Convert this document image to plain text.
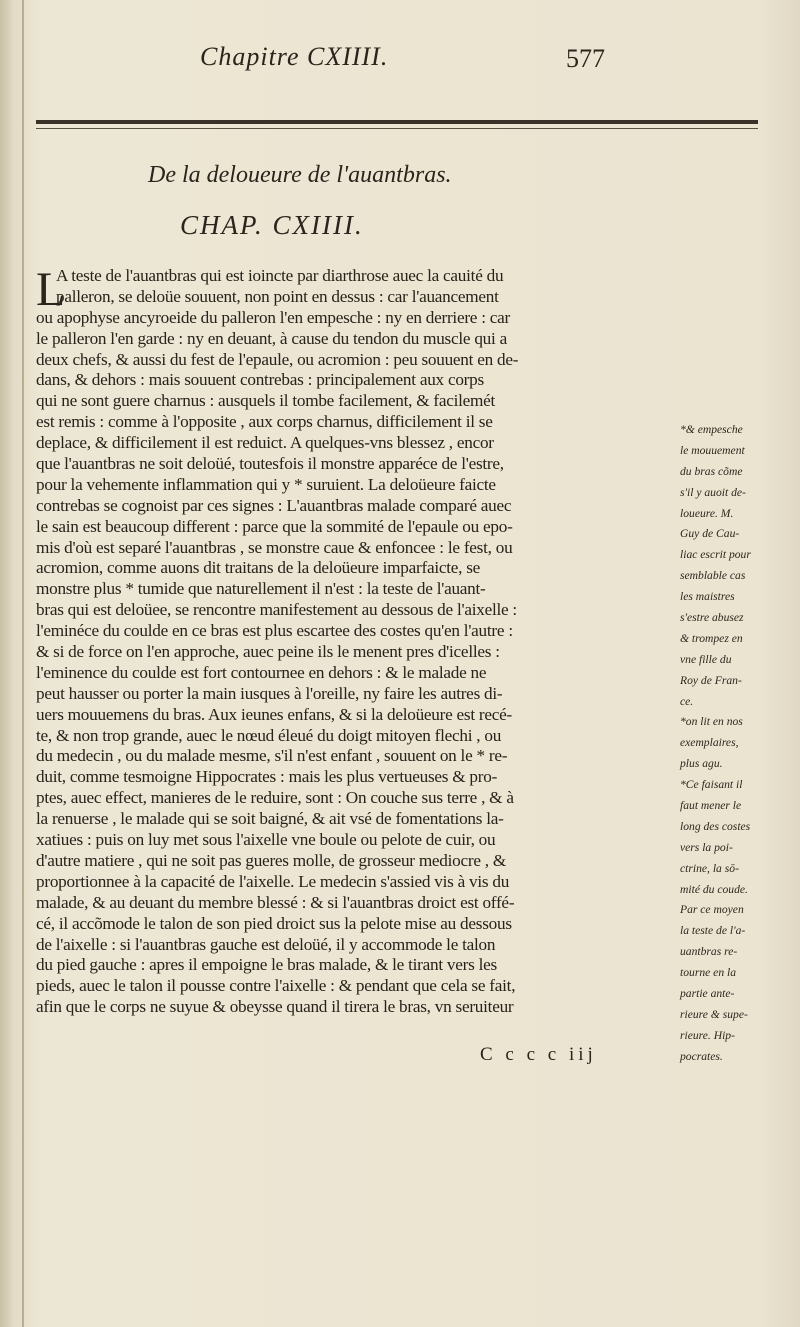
Chapitre CXIIII.	577
De la deloueure de l'auantbras.
CHAP. CXIIII.
L
A teste de l'auantbras qui est ioincte par diarthrose auec la cauité du
palleron, se deloüe souuent, non point en dessus : car l'auancement
ou apophyse ancyroeide du palleron l'en empesche : ny en derriere : car
le palleron l'en garde : ny en deuant, à cause du tendon du muscle qui a
deux chefs, & aussi du fest de l'epaule, ou acromion : peu souuent en de-
dans, & dehors : mais souuent contrebas : principalement aux corps
qui ne sont guere charnus : ausquels il tombe facilement, & facilemét
est remis : comme à l'opposite , aux corps charnus, difficilement il se
deplace, & difficilement il est reduict. A quelques-vns blessez , encor
que l'auantbras ne soit deloüé, toutesfois il monstre apparéce de l'estre,
pour la vehemente inflammation qui y * suruient. La deloüeure faicte
contrebas se cognoist par ces signes : L'auantbras malade comparé auec
le sain est beaucoup different : parce que la sommité de l'epaule ou epo-
mis d'où est separé l'auantbras , se monstre caue & enfoncee : le fest, ou
acromion, comme auons dit traitans de la deloüeure imparfaicte, se
monstre plus * tumide que naturellement il n'est : la teste de l'auant-
bras qui est deloüee, se rencontre manifestement au dessous de l'aixelle :
l'eminéce du coulde en ce bras est plus escartee des costes qu'en l'autre :
& si de force on l'en approche, auec peine ils le menent pres d'icelles :
l'eminence du coulde est fort contournee en dehors : & le malade ne
peut hausser ou porter la main iusques à l'oreille, ny faire les autres di-
uers mouuemens du bras. Aux ieunes enfans, & si la deloüeure est recé-
te, & non trop grande, auec le nœud éleué du doigt mitoyen flechi , ou
du medecin , ou du malade mesme, s'il n'est enfant , souuent on le * re-
duit, comme tesmoigne Hippocrates : mais les plus vertueuses & pro-
ptes, auec effect, manieres de le reduire, sont : On couche sus terre , & à
la renuerse , le malade qui se soit baigné, & ait vsé de fomentations la-
xatiues : puis on luy met sous l'aixelle vne boule ou pelote de cuir, ou
d'autre matiere , qui ne soit pas gueres molle, de grosseur mediocre , &
proportionnee à la capacité de l'aixelle. Le medecin s'assied vis à vis du
malade, & au deuant du membre blessé : & si l'auantbras droict est offé-
cé, il accõmode le talon de son pied droict sus la pelote mise au dessous
de l'aixelle : si l'auantbras gauche est deloüé, il y accommode le talon
du pied gauche : apres il empoigne le bras malade, & le tirant vers les
pieds, auec le talon il pousse contre l'aixelle : & pendant que cela se fait,
afin que le corps ne suyue & obeysse quand il tirera le bras, vn seruiteur
*& empesche
le mouuement
du bras cõme
s'il y auoit de-
loueure. M.
Guy de Cau-
liac escrit pour
semblable cas
les maistres
s'estre abusez
& trompez en
vne fille du
Roy de Fran-
ce.
*on lit en nos
exemplaires,
plus agu.
*Ce faisant il
faut mener le
long des costes
vers la poi-
ctrine, la sō-
mité du coude.
Par ce moyen
la teste de l'a-
uantbras re-
tourne en la
partie ante-
rieure & supe-
rieure. Hip-
pocrates.
C c c c iij
